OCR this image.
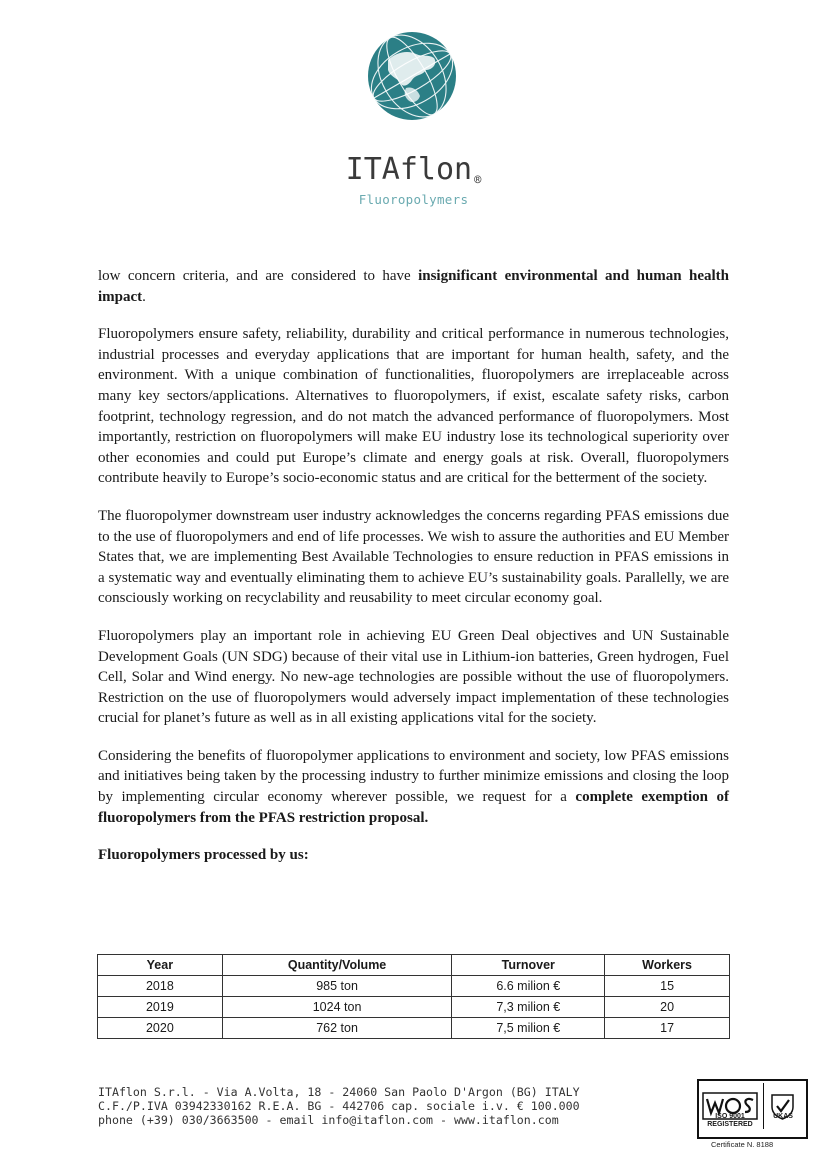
ITAflon ®
Fluoropolymers

low concern criteria, and are considered to have insignificant environmental and human health impact.

Fluoropolymers ensure safety, reliability, durability and critical performance in numerous technologies, industrial processes and everyday applications that are important for human health, safety, and the environment. With a unique combination of functionalities, fluoropolymers are irreplaceable across many key sectors/applications. Alternatives to fluoropolymers, if exist, escalate safety risks, carbon footprint, technology regression, and do not match the advanced performance of fluoropolymers. Most importantly, restriction on fluoropolymers will make EU industry lose its technological superiority over other economies and could put Europe’s climate and energy goals at risk. Overall, fluoropolymers contribute heavily to Europe’s socio-economic status and are critical for the betterment of the society.

The fluoropolymer downstream user industry acknowledges the concerns regarding PFAS emissions due to the use of fluoropolymers and end of life processes. We wish to assure the authorities and EU Member States that, we are implementing Best Available Technologies to ensure reduction in PFAS emissions in a systematic way and eventually eliminating them to achieve EU’s sustainability goals. Parallelly, we are consciously working on recyclability and reusability to meet circular economy goal.

Fluoropolymers play an important role in achieving EU Green Deal objectives and UN Sustainable Development Goals (UN SDG) because of their vital use in Lithium-ion batteries, Green hydrogen, Fuel Cell, Solar and Wind energy. No new-age technologies are possible without the use of fluoropolymers. Restriction on the use of fluoropolymers would adversely impact implementation of these technologies crucial for planet’s future as well as in all existing applications vital for the society.

Considering the benefits of fluoropolymer applications to environment and society, low PFAS emissions and initiatives being taken by the processing industry to further minimize emissions and closing the loop by implementing circular economy wherever possible, we request for a complete exemption of fluoropolymers from the PFAS restriction proposal.

Fluoropolymers processed by us:
Year	Quantity/Volume	Turnover	Workers
2018	985 ton	6.6 milion €	15
2019	1024 ton	7,3 milion €	20
2020	762 ton	7,5 milion €	17
ITAflon S.r.l. - Via A.Volta, 18 - 24060 San Paolo D'Argon (BG) ITALY
C.F./P.IVA 03942330162 R.E.A. BG - 442706 cap. sociale i.v. € 100.000
phone (+39) 030/3663500 - email info@itaflon.com - www.itaflon.com	ISO 9001
REGISTERED
UKAS
Certificate N. 8188
